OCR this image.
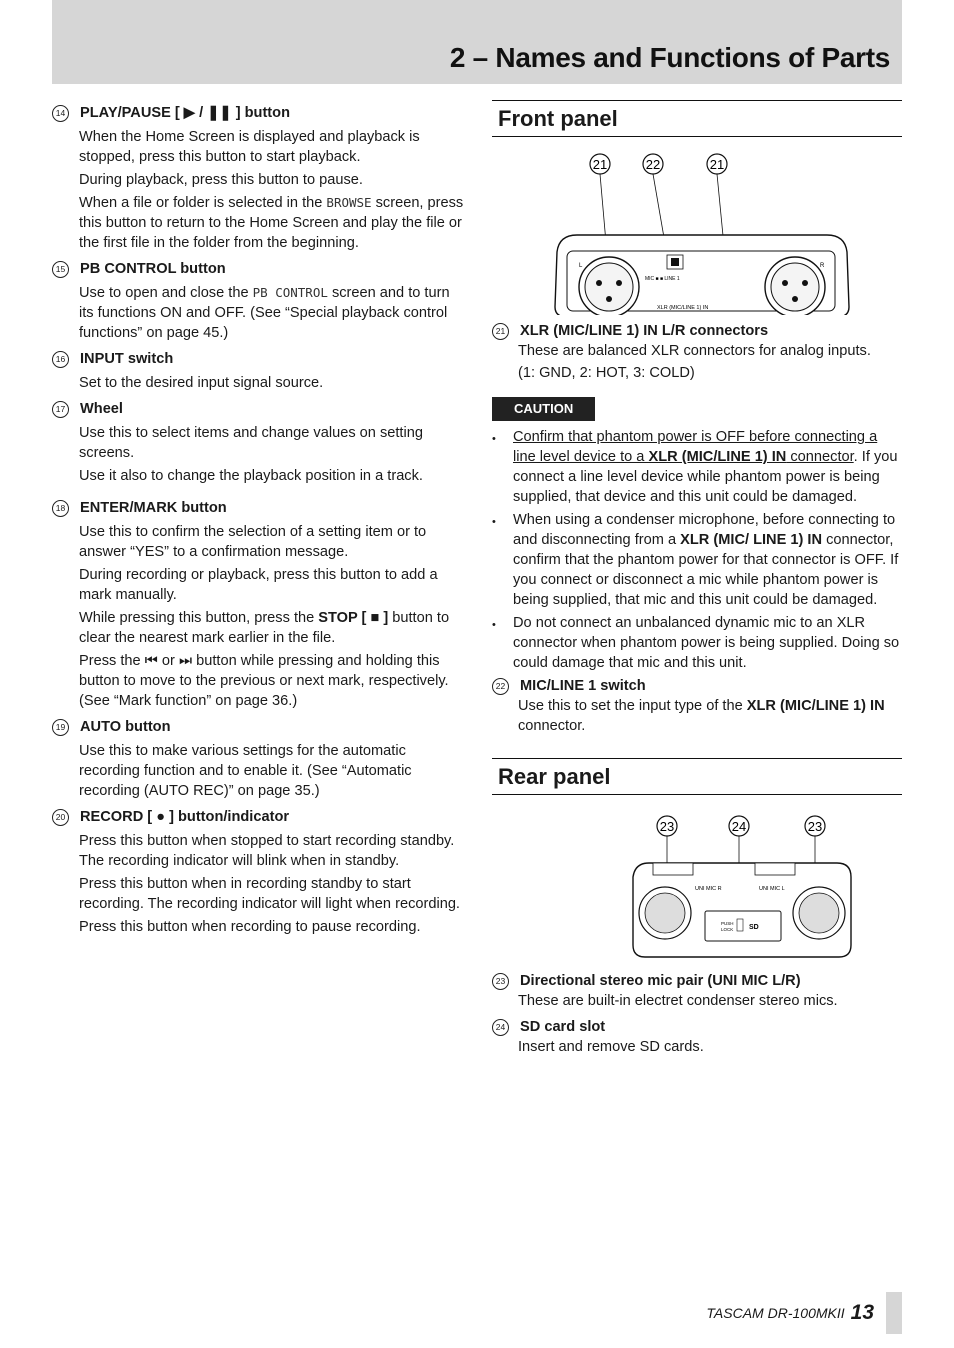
2 – Names and Functions of Parts
14 PLAY/PAUSE [ ▶ / ❚❚ ] button

When the Home Screen is displayed and playback is stopped, press this button to start playback.

During playback, press this button to pause.

When a file or folder is selected in the BROWSE screen, press this button to return to the Home Screen and play the file or the first file in the folder from the beginning.

15 PB CONTROL button

Use to open and close the PB CONTROL screen and to turn its functions ON and OFF. (See “Special playback control functions” on page 45.)

16 INPUT switch

Set to the desired input signal source.

17 Wheel

Use this to select items and change values on setting screens.

Use it also to change the playback position in a track.

18 ENTER/MARK button

Use this to confirm the selection of a setting item or to answer “YES” to a confirmation message.

During recording or playback, press this button to add a mark manually.

While pressing this button, press the STOP [ ■ ] button to clear the nearest mark earlier in the file.

Press the ⏮ or ⏭ button while pressing and holding this button to move to the previous or next mark, respectively. (See “Mark function” on page 36.)

19 AUTO button

Use this to make various settings for the automatic recording function and to enable it. (See “Automatic recording (AUTO REC)” on page 35.)

20 RECORD [ ● ] button/indicator

Press this button when stopped to start recording standby. The recording indicator will blink when in standby.

Press this button when in recording standby to start recording. The recording indicator will light when recording.

Press this button when recording to pause recording.

Front panel
21	22	21
L	R
MIC ■ ■ LINE 1
XLR (MIC/LINE 1) IN
21 XLR (MIC/LINE 1) IN L/R connectors

These are balanced XLR connectors for analog inputs.

(1: GND, 2: HOT, 3: COLD)

CAUTION
• Confirm that phantom power is OFF before connecting a line level device to a XLR (MIC/LINE 1) IN connector. If you connect a line level device while phantom power is being supplied, that device and this unit could be damaged.
• When using a condenser microphone, before connecting to and disconnecting from a XLR (MIC/ LINE 1) IN connector, confirm that the phantom power for that connector is OFF. If you connect or disconnect a mic while phantom power is being supplied, that mic and this unit could be damaged.
• Do not connect an unbalanced dynamic mic to an XLR connector when phantom power is being supplied. Doing so could damage that mic and this unit.
22 MIC/LINE 1 switch

Use this to set the input type of the XLR (MIC/LINE 1) IN connector.

Rear panel
23	24	23
UNI MIC R	UNI MIC L
PUSH
LOCK SD
23 Directional stereo mic pair (UNI MIC L/R)

These are built-in electret condenser stereo mics.

24 SD card slot

Insert and remove SD cards.

TASCAM DR-100MKII 13
